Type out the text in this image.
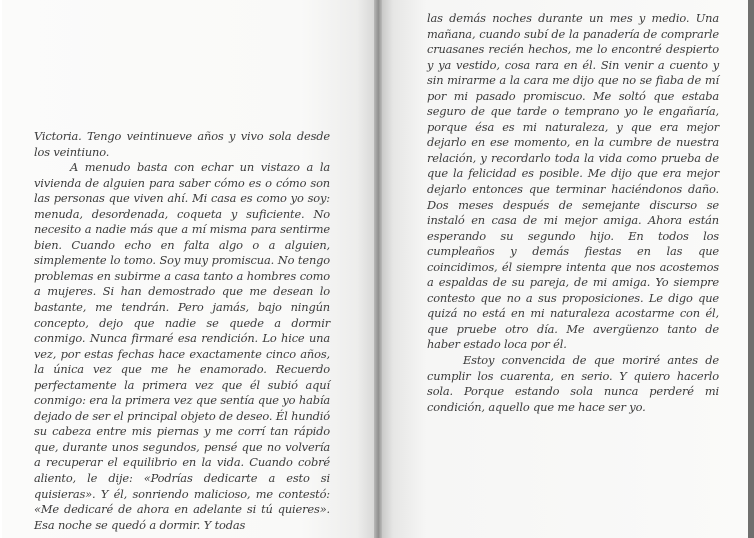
Victoria. Tengo veintinueve años y vivo sola desde los veintiuno.

A menudo basta con echar un vistazo a la vivienda de alguien para saber cómo es o cómo son las personas que viven ahí. Mi casa es como yo soy: menuda, desordenada, coqueta y suficiente. No necesito a nadie más que a mí misma para sentirme bien. Cuando echo en falta algo o a alguien, simplemente lo tomo. Soy muy promiscua. No tengo problemas en subirme a casa tanto a hombres como a mujeres. Si han demostrado que me desean lo bastante, me tendrán. Pero jamás, bajo ningún concepto, dejo que nadie se quede a dormir conmigo. Nunca firmaré esa rendición. Lo hice una vez, por estas fechas hace exactamente cinco años, la única vez que me he enamorado. Recuerdo perfectamente la primera vez que él subió aquí conmigo: era la primera vez que sentía que yo había dejado de ser el principal objeto de deseo. Él hundió su cabeza entre mis piernas y me corrí tan rápido que, durante unos segundos, pensé que no volvería a recuperar el equilibrio en la vida. Cuando cobré aliento, le dije: «Podrías dedicarte a esto si quisieras». Y él, sonriendo malicioso, me contestó: «Me dedicaré de ahora en adelante si tú quieres». Esa noche se quedó a dormir. Y todas

las demás noches durante un mes y medio. Una mañana, cuando subí de la panadería de comprarle cruasanes recién hechos, me lo encontré despierto y ya vestido, cosa rara en él. Sin venir a cuento y sin mirarme a la cara me dijo que no se fiaba de mí por mi pasado promiscuo. Me soltó que estaba seguro de que tarde o temprano yo le engañaría, porque ésa es mi naturaleza, y que era mejor dejarlo en ese momento, en la cumbre de nuestra relación, y recordarlo toda la vida como prueba de que la felicidad es posible. Me dijo que era mejor dejarlo entonces que terminar haciéndonos daño. Dos meses después de semejante discurso se instaló en casa de mi mejor amiga. Ahora están esperando su segundo hijo. En todos los cumpleaños y demás fiestas en las que coincidimos, él siempre intenta que nos acostemos a espaldas de su pareja, de mi amiga. Yo siempre contesto que no a sus proposiciones. Le digo que quizá no está en mi naturaleza acostarme con él, que pruebe otro día. Me avergüenzo tanto de haber estado loca por él.

Estoy convencida de que moriré antes de cumplir los cuarenta, en serio. Y quiero hacerlo sola. Porque estando sola nunca perderé mi condición, aquello que me hace ser yo.
